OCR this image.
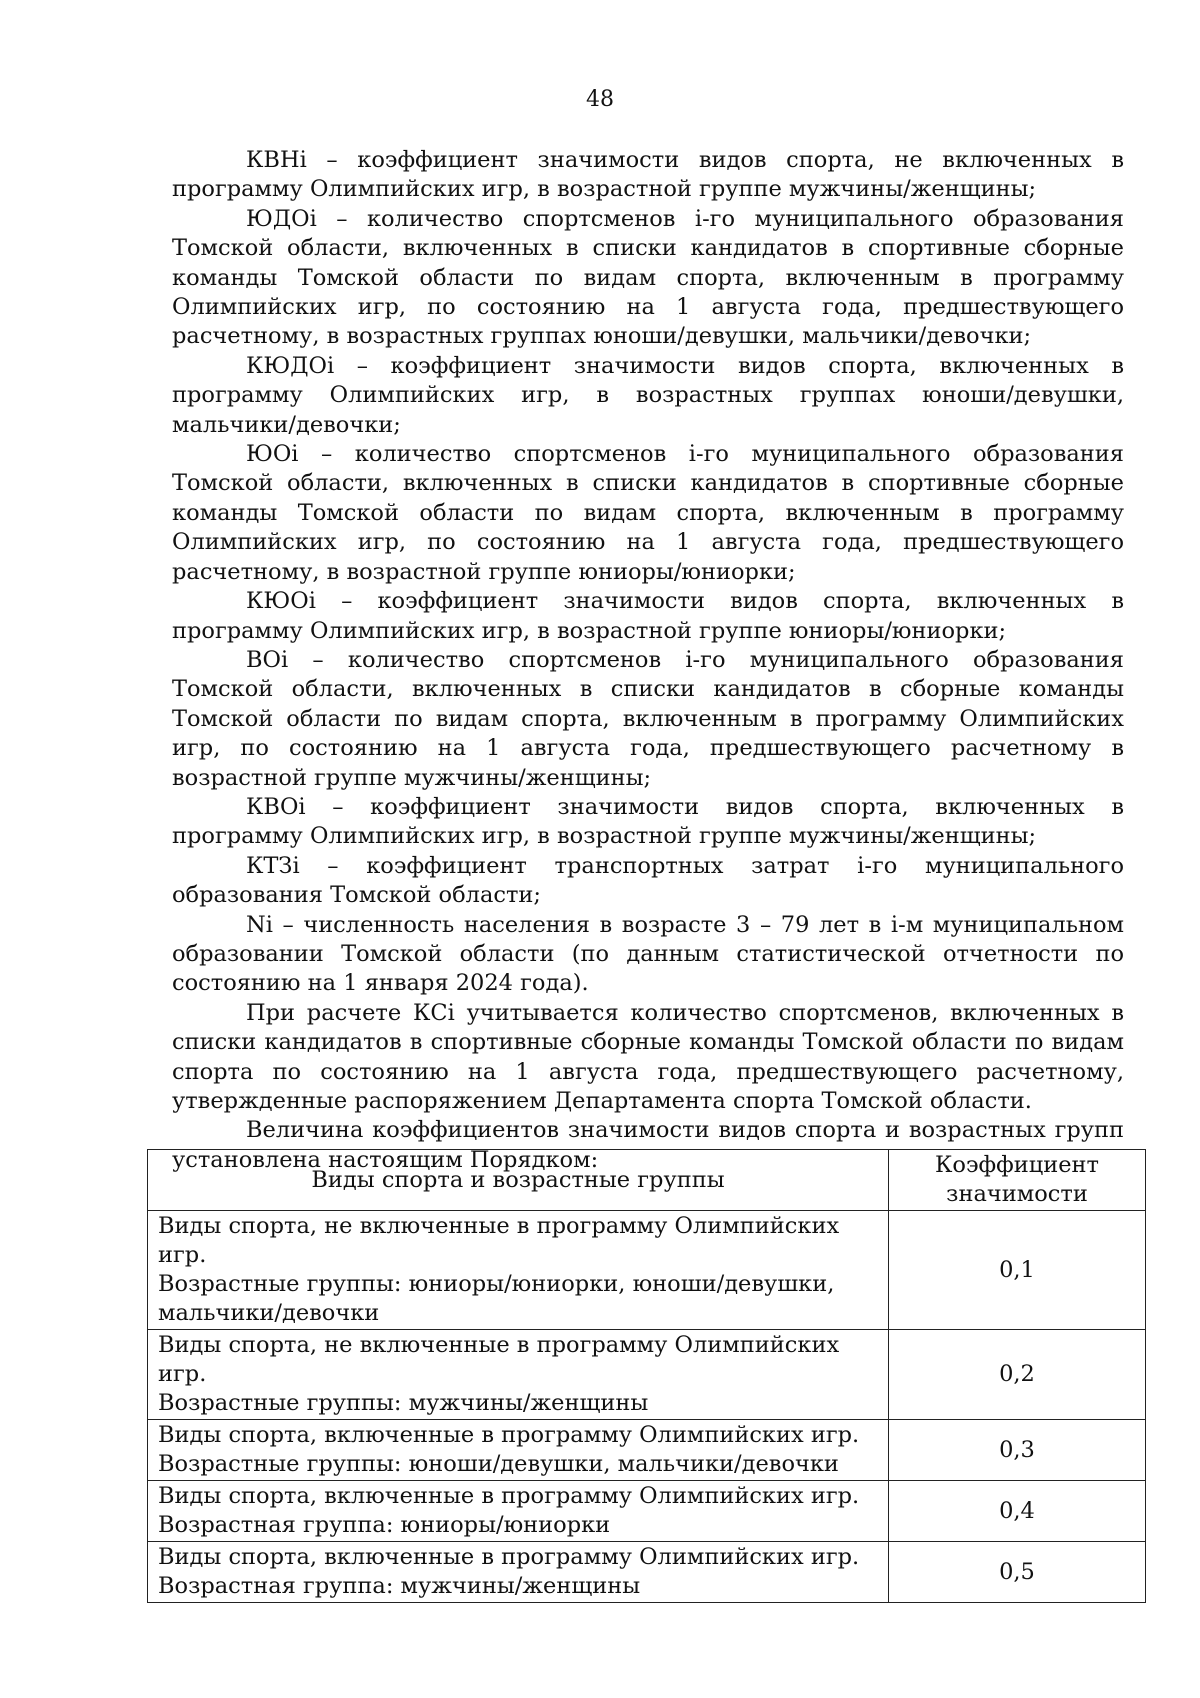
48

КВНi – коэффициент значимости видов спорта, не включенных в программу Олимпийских игр, в возрастной группе мужчины/женщины;

ЮДОi – количество спортсменов i-го муниципального образования Томской области, включенных в списки кандидатов в спортивные сборные команды Томской области по видам спорта, включенным в программу Олимпийских игр, по состоянию на 1 августа года, предшествующего расчетному, в возрастных группах юноши/девушки, мальчики/девочки;

КЮДОi – коэффициент значимости видов спорта, включенных в программу Олимпийских игр, в возрастных группах юноши/девушки, мальчики/девочки;

ЮОi – количество спортсменов i-го муниципального образования Томской области, включенных в списки кандидатов в спортивные сборные команды Томской области по видам спорта, включенным в программу Олимпийских игр, по состоянию на 1 августа года, предшествующего расчетному, в возрастной группе юниоры/юниорки;

КЮОi – коэффициент значимости видов спорта, включенных в программу Олимпийских игр, в возрастной группе юниоры/юниорки;

ВОi – количество спортсменов i-го муниципального образования Томской области, включенных в списки кандидатов в сборные команды Томской области по видам спорта, включенным в программу Олимпийских игр, по состоянию на 1 августа года, предшествующего расчетному в возрастной группе мужчины/женщины;

КВОi – коэффициент значимости видов спорта, включенных в программу Олимпийских игр, в возрастной группе мужчины/женщины;

КТЗi – коэффициент транспортных затрат i-го муниципального образования Томской области;

Ni – численность населения в возрасте 3 – 79 лет в i-м муниципальном образовании Томской области (по данным статистической отчетности по состоянию на 1 января 2024 года).

При расчете КСi учитывается количество спортсменов, включенных в списки кандидатов в спортивные сборные команды Томской области по видам спорта по состоянию на 1 августа года, предшествующего расчетному, утвержденные распоряжением Департамента спорта Томской области.

Величина коэффициентов значимости видов спорта и возрастных групп установлена настоящим Порядком:

Виды спорта и возрастные группы	Коэффициент значимости

Виды спорта, не включенные в программу Олимпийских игр.
Возрастные группы: юниоры/юниорки, юноши/девушки,
мальчики/девочки	0,1

Виды спорта, не включенные в программу Олимпийских игр.
Возрастные группы: мужчины/женщины	0,2

Виды спорта, включенные в программу Олимпийских игр.
Возрастные группы: юноши/девушки, мальчики/девочки	0,3

Виды спорта, включенные в программу Олимпийских игр.
Возрастная группа: юниоры/юниорки	0,4

Виды спорта, включенные в программу Олимпийских игр.
Возрастная группа: мужчины/женщины	0,5
